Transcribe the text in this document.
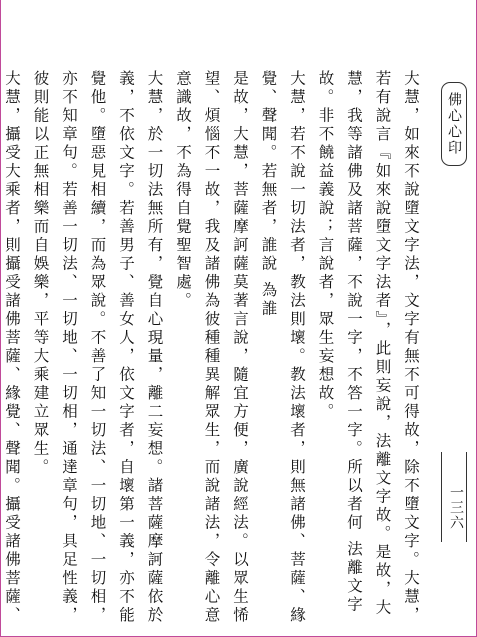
大慧，如來不說墮文字法，文字有無不可得故，除不墮文字。大慧，若有說言『如來說墮文字法者』，此則妄說，法離文字故。是故，大慧，我等諸佛及諸菩薩，不說一字，不答一字。所以者何 法離文字故。非不饒益義說；言說者，眾生妄想故。

大慧，若不說一切法者，教法則壞。教法壞者，則無諸佛、菩薩、緣覺、聲聞。若無者，誰說 為誰

是故，大慧，菩薩摩訶薩莫著言說，隨宜方便，廣說經法。以眾生悕望、煩惱不一故，我及諸佛為彼種種異解眾生，而說諸法，令離心意意識故，不為得自覺聖智處。

大慧，於一切法無所有，覺自心現量，離二妄想。諸菩薩摩訶薩依於義，不依文字。若善男子、善女人，依文字者，自壞第一義，亦不能覺他。墮惡見相續，而為眾說。不善了知一切法、一切地、一切相，亦不知章句。若善一切法、一切地、一切相，通達章句，具足性義，彼則能以正無相樂而自娛樂，平等大乘建立眾生。

大慧，攝受大乘者，則攝受諸佛菩薩、緣覺、聲聞。攝受諸佛菩薩、

佛心心印
一三六
